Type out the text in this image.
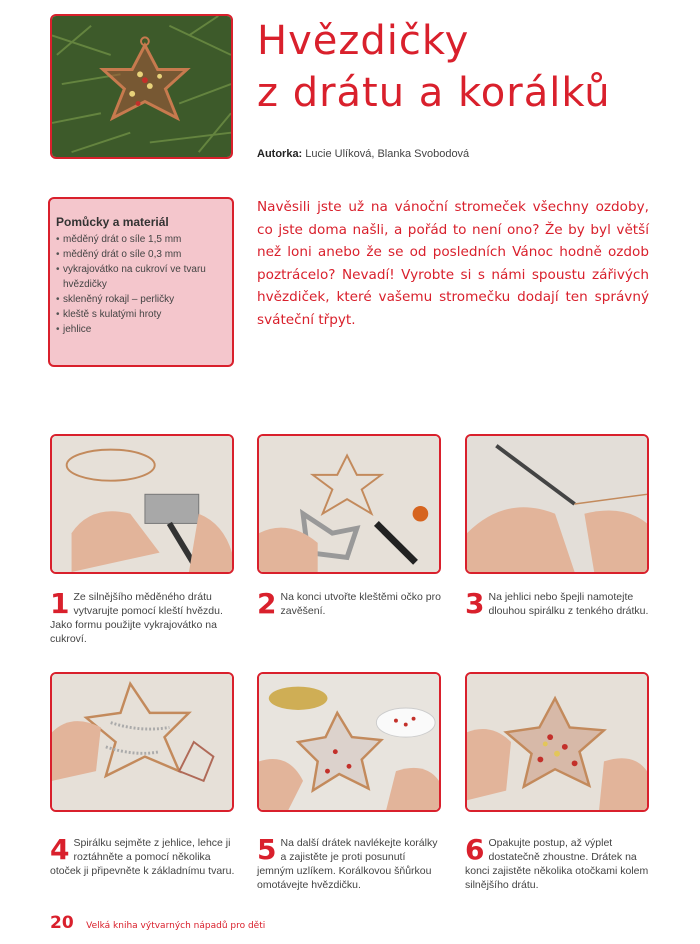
Hvězdičky
z drátu a korálků
Autorka: Lucie Ulíková, Blanka Svobodová
Pomůcky a materiál
• měděný drát o síle 1,5 mm
• měděný drát o síle 0,3 mm
• vykrajovátko na cukroví ve tvaru hvězdičky
• skleněný rokajl – perličky
• kleště s kulatými hroty
• jehlice

Navěsili jste už na vánoční stromeček všechny ozdoby, co jste doma našli, a pořád to není ono? Že by byl větší než loni anebo že se od posledních Vánoc hodně ozdob poztrácelo? Nevadí! Vyrobte si s námi spoustu zářivých hvězdiček, které vašemu stromečku dodají ten správný sváteční třpyt.

1 Ze silnějšího měděného drátu vytvarujte pomocí kleští hvězdu. Jako formu použijte vykrajovátko na cukroví.
2 Na konci utvořte kleštěmi očko pro zavěšení.	3 Na jehlici nebo špejli namotejte dlouhou spirálku z tenkého drátku.
4 Spirálku sejměte z jehlice, lehce ji roztáhněte a pomocí několika otoček ji připevněte k základnímu tvaru.
5 Na další drátek navlékejte korálky a zajistěte je proti posunutí jemným uzlíkem. Korálkovou šňůrkou omotávejte hvězdičku.
6 Opakujte postup, až výplet dostatečně zhoustne. Drátek na konci zajistěte několika otočkami kolem silnějšího drátu.
20 Velká kniha výtvarných nápadů pro děti
